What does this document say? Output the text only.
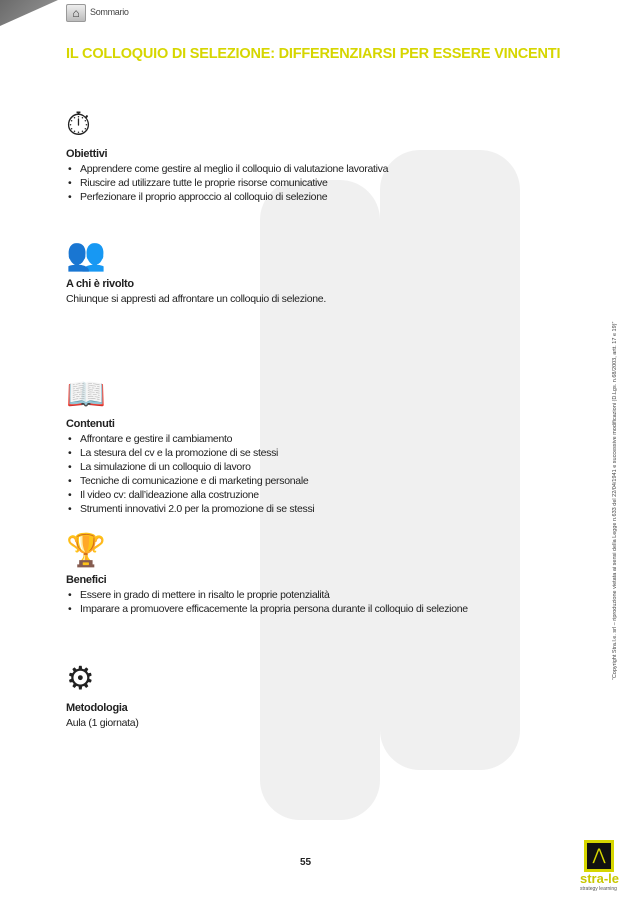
⌂	Sommario
IL COLLOQUIO DI SELEZIONE: DIFFERENZIARSI PER ESSERE VINCENTI
⏱
Obiettivi
• Apprendere come gestire al meglio il colloquio di valutazione lavorativa
• Riuscire ad utilizzare tutte le proprie risorse comunicative
• Perfezionare il proprio approccio al colloquio di selezione
👥
A chi è rivolto

Chiunque si appresti ad affrontare un colloquio di selezione.

📖
Contenuti
• Affrontare e gestire il cambiamento
• La stesura del cv e la promozione di se stessi
• La simulazione di un colloquio di lavoro
• Tecniche di comunicazione e di marketing personale
• Il video cv: dall’ideazione alla costruzione
• Strumenti innovativi 2.0 per la promozione di se stessi
🏆
Benefici
• Essere in grado di mettere in risalto le proprie potenzialità
• Imparare a promuovere efficacemente la propria persona durante il colloquio di selezione
⚙
Metodologia

Aula (1 giornata)

“Copyright Stra.l.e. srl – riproduzione vietata ai sensi della Legge n.633 del 22/04/1941 e successive modificazioni (D.Lgs. n.68/2003, artt. 17 e 19)”
55	⋀
stra-le
strategy learning
